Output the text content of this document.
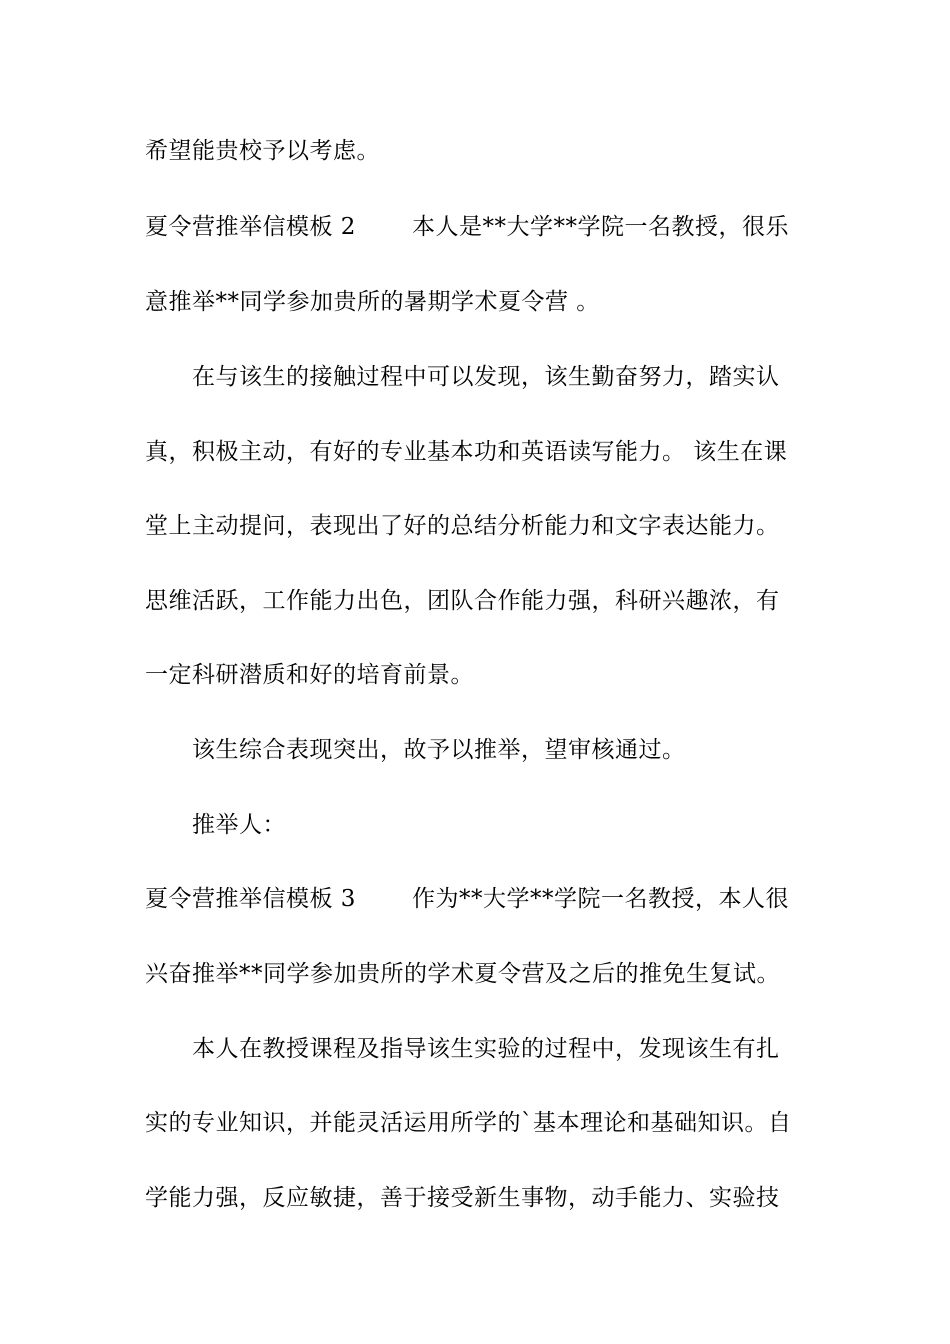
希望能贵校予以考虑。
夏令营推举信模板 2 本人是**大学**学院一名教授，很乐
意推举**同学参加贵所的暑期学术夏令营 。
在与该生的接触过程中可以发现，该生勤奋努力，踏实认
真，积极主动，有好的专业基本功和英语读写能力。 该生在课
堂上主动提问，表现出了好的总结分析能力和文字表达能力。
思维活跃，工作能力出色，团队合作能力强，科研兴趣浓，有
一定科研潜质和好的培育前景。
该生综合表现突出，故予以推举，望审核通过。
推举人：
夏令营推举信模板 3 作为**大学**学院一名教授，本人很
兴奋推举**同学参加贵所的学术夏令营及之后的推免生复试。
本人在教授课程及指导该生实验的过程中，发现该生有扎
实的专业知识，并能灵活运用所学的`基本理论和基础知识。自
学能力强，反应敏捷，善于接受新生事物，动手能力、实验技
